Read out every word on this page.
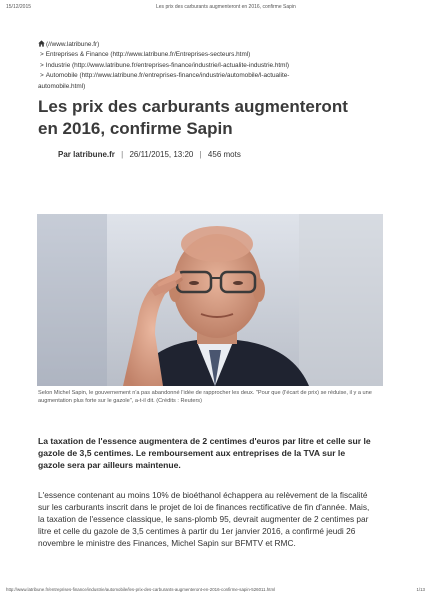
15/12/2015	Les prix des carburants augmenteront en 2016, confirme Sapin
(//www.latribune.fr)
> Entreprises & Finance (http://www.latribune.fr/Entreprises-secteurs.html)
> Industrie (http://www.latribune.fr/entreprises-finance/industrie/l-actualite-industrie.html)
> Automobile (http://www.latribune.fr/entreprises-finance/industrie/automobile/l-actualite-
automobile.html)
Les prix des carburants augmenteront en 2016, confirme Sapin
Par latribune.fr | 26/11/2015, 13:20 | 456 mots

Selon Michel Sapin, le gouvernement n'a pas abandonné l'idée de rapprocher les deux. "Pour que (l'écart de prix) se réduise, il y a une augmentation plus forte sur le gazole", a-t-il dit. (Crédits : Reuters)

La taxation de l'essence augmentera de 2 centimes d'euros par litre et celle sur le gazole de 3,5 centimes. Le remboursement aux entreprises de la TVA sur le gazole sera par ailleurs maintenue.

L'essence contenant au moins 10% de bioéthanol échappera au relèvement de la fiscalité sur les carburants inscrit dans le projet de loi de finances rectificative de fin d'année. Mais, la taxation de l'essence classique, le sans-plomb 95, devrait augmenter de 2 centimes par litre et celle du gazole de 3,5 centimes à partir du 1er janvier 2016, a confirmé jeudi 26 novembre le ministre des Finances, Michel Sapin sur BFMTV et RMC.

http://www.latribune.fr/entreprises-finance/industrie/automobile/les-prix-des-carburants-augmenteront-en-2016-confirme-sapin-526011.html	1/13
